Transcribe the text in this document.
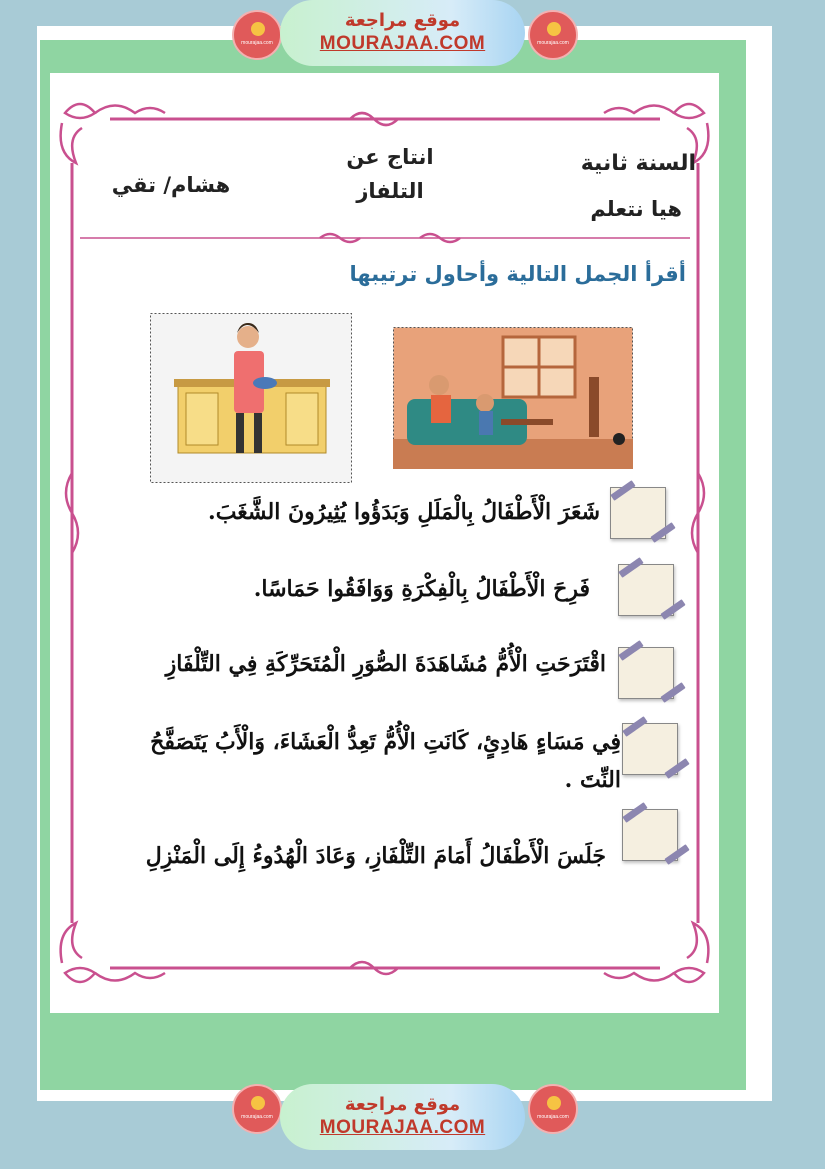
mourajaa.com
موقع مراجعة
MOURAJAA.COM	mourajaa.com
السنة ثانية
هيا نتعلم
انتاج عن
التلفاز
هشام/ تقي
أقرأ الجمل التالية وأحاول ترتيبها
شَعَرَ الْأَطْفَالُ بِالْمَلَلِ وَبَدَؤُوا يُثِيرُونَ الشَّغَبَ.
فَرِحَ الْأَطْفَالُ بِالْفِكْرَةِ وَوَافَقُوا حَمَاسًا.
اقْتَرَحَتِ الْأُمُّ مُشَاهَدَةَ الصُّوَرِ الْمُتَحَرِّكَةِ فِي التِّلْفَازِ
فِي مَسَاءٍ هَادِئٍ، كَانَتِ الْأُمُّ تَعِدُّ الْعَشَاءَ، وَالْأَبُ يَتَصَفَّحُ النِّتَ .
جَلَسَ الْأَطْفَالُ أَمَامَ التِّلْفَازِ، وَعَادَ الْهُدُوءُ إِلَى الْمَنْزِلِ
mourajaa.com
موقع مراجعة
MOURAJAA.COM	mourajaa.com
